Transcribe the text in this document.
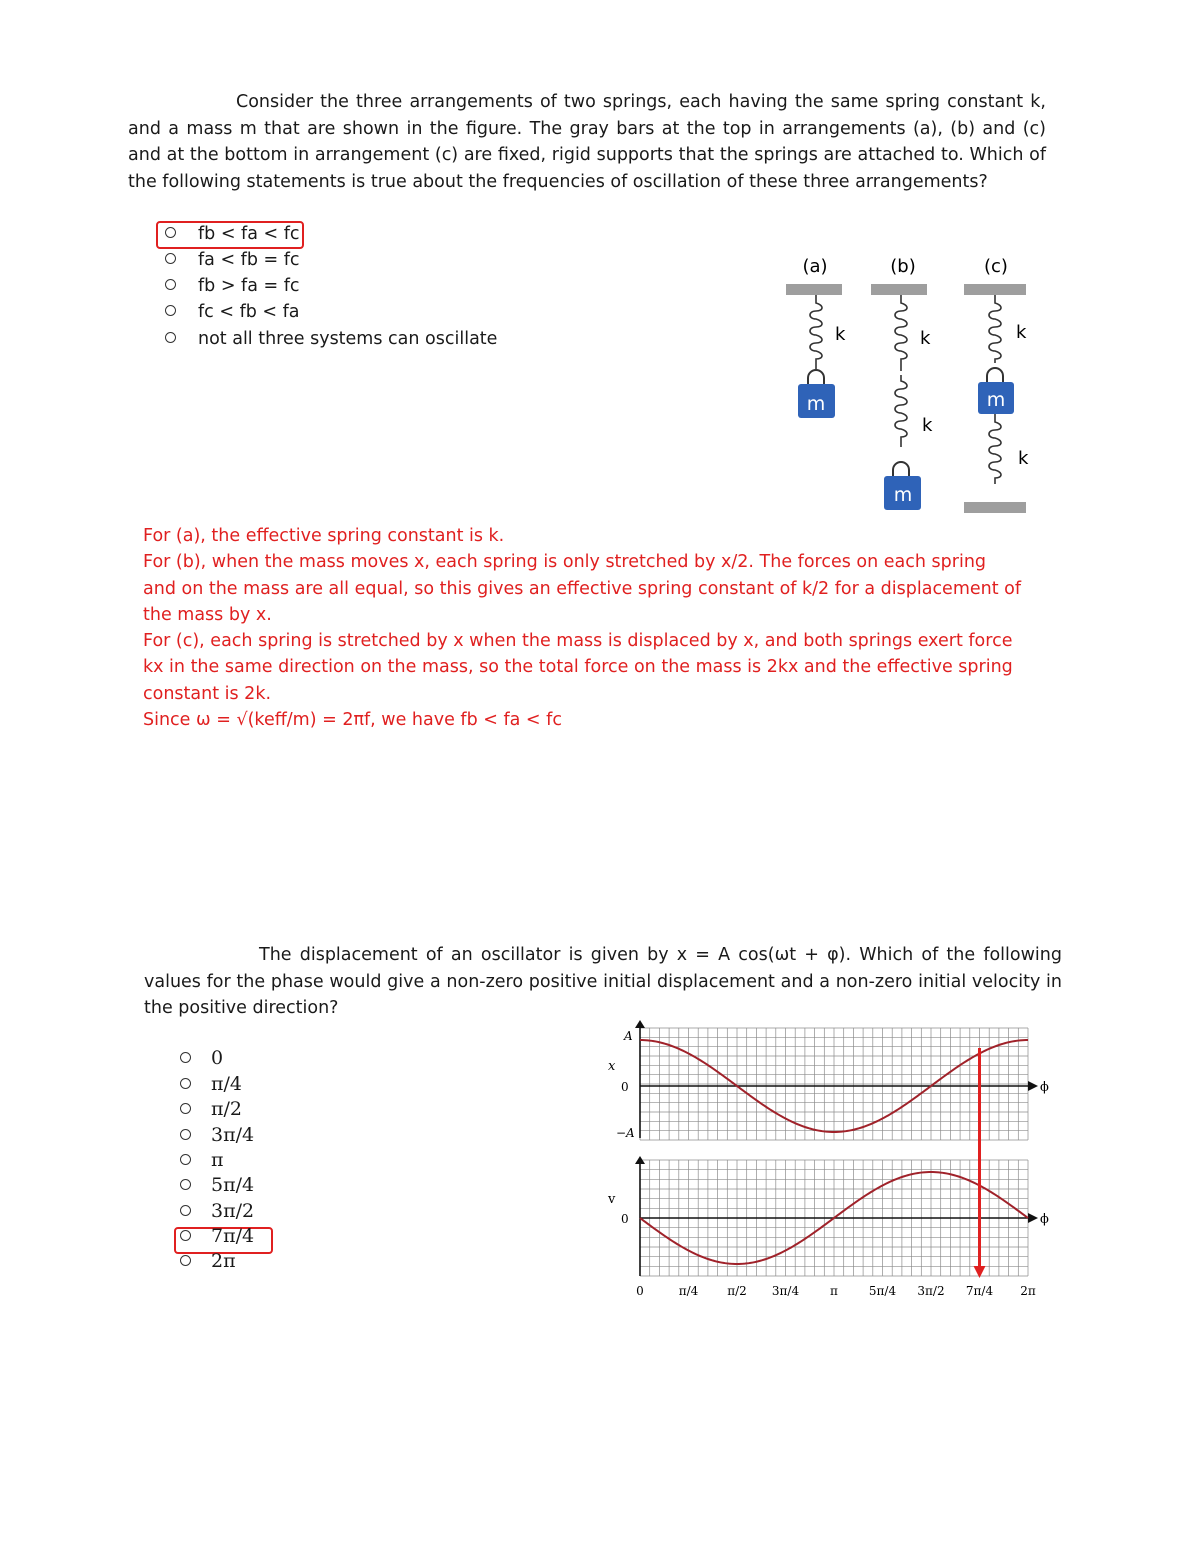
Consider the three arrangements of two springs, each having the same spring constant k, and a mass m that are shown in the figure. The gray bars at the top in arrangements (a), (b) and (c) and at the bottom in arrangement (c) are fixed, rigid supports that the springs are attached to. Which of the following statements is true about the frequencies of oscillation of these three arrangements?
fb < fa < fc
fa < fb = fc
fb > fa = fc
fc < fb < fa
not all three systems can oscillate
(a)	(b)	(c)
k
m
k
k
m
k
m
k

For (a), the effective spring constant is k.

For (b), when the mass moves x, each spring is only stretched by x/2. The forces on each spring and on the mass are all equal, so this gives an effective spring constant of k/2 for a displacement of the mass by x.

For (c), each spring is stretched by x when the mass is displaced by x, and both springs exert force kx in the same direction on the mass, so the total force on the mass is 2kx and the effective spring constant is 2k.

Since ω = √(keff/m) = 2πf, we have fb < fa < fc

The displacement of an oscillator is given by x = A cos(ωt + φ). Which of the following values for the phase would give a non-zero positive initial displacement and a non-zero initial velocity in the positive direction?
0
π/4
π/2
3π/4
π
5π/4
3π/2
7π/4
2π
x
A
0
−A
ϕ
v
0	ϕ
0	π/4 π/2 3π/4	π	5π/4 3π/2 7π/4 2π
